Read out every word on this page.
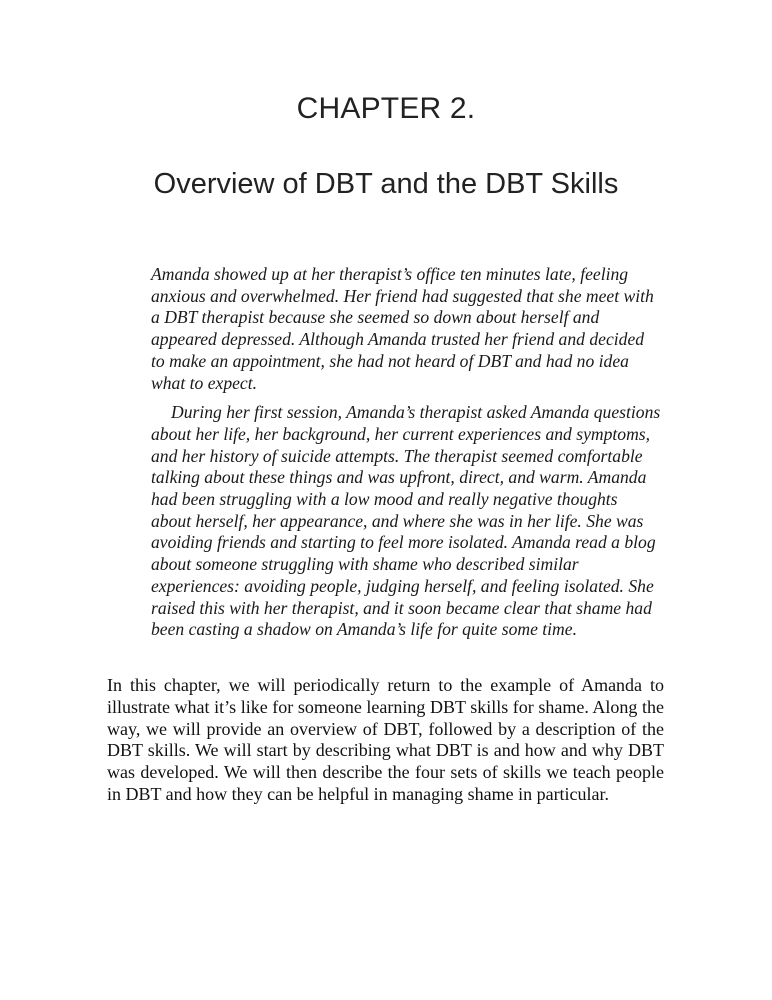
CHAPTER 2.
Overview of DBT and the DBT Skills

Amanda showed up at her therapist’s office ten minutes late, feeling anxious and overwhelmed. Her friend had suggested that she meet with a DBT therapist because she seemed so down about herself and appeared depressed. Although Amanda trusted her friend and decided to make an appointment, she had not heard of DBT and had no idea what to expect.

During her first session, Amanda’s therapist asked Amanda questions about her life, her background, her current experiences and symptoms, and her history of suicide attempts. The therapist seemed comfortable talking about these things and was upfront, direct, and warm. Amanda had been struggling with a low mood and really negative thoughts about herself, her appearance, and where she was in her life. She was avoiding friends and starting to feel more isolated. Amanda read a blog about someone struggling with shame who described similar experiences: avoiding people, judging herself, and feeling isolated. She raised this with her therapist, and it soon became clear that shame had been casting a shadow on Amanda’s life for quite some time.

In this chapter, we will periodically return to the example of Amanda to illustrate what it’s like for someone learning DBT skills for shame. Along the way, we will provide an overview of DBT, followed by a description of the DBT skills. We will start by describing what DBT is and how and why DBT was developed. We will then describe the four sets of skills we teach people in DBT and how they can be helpful in managing shame in particular.
